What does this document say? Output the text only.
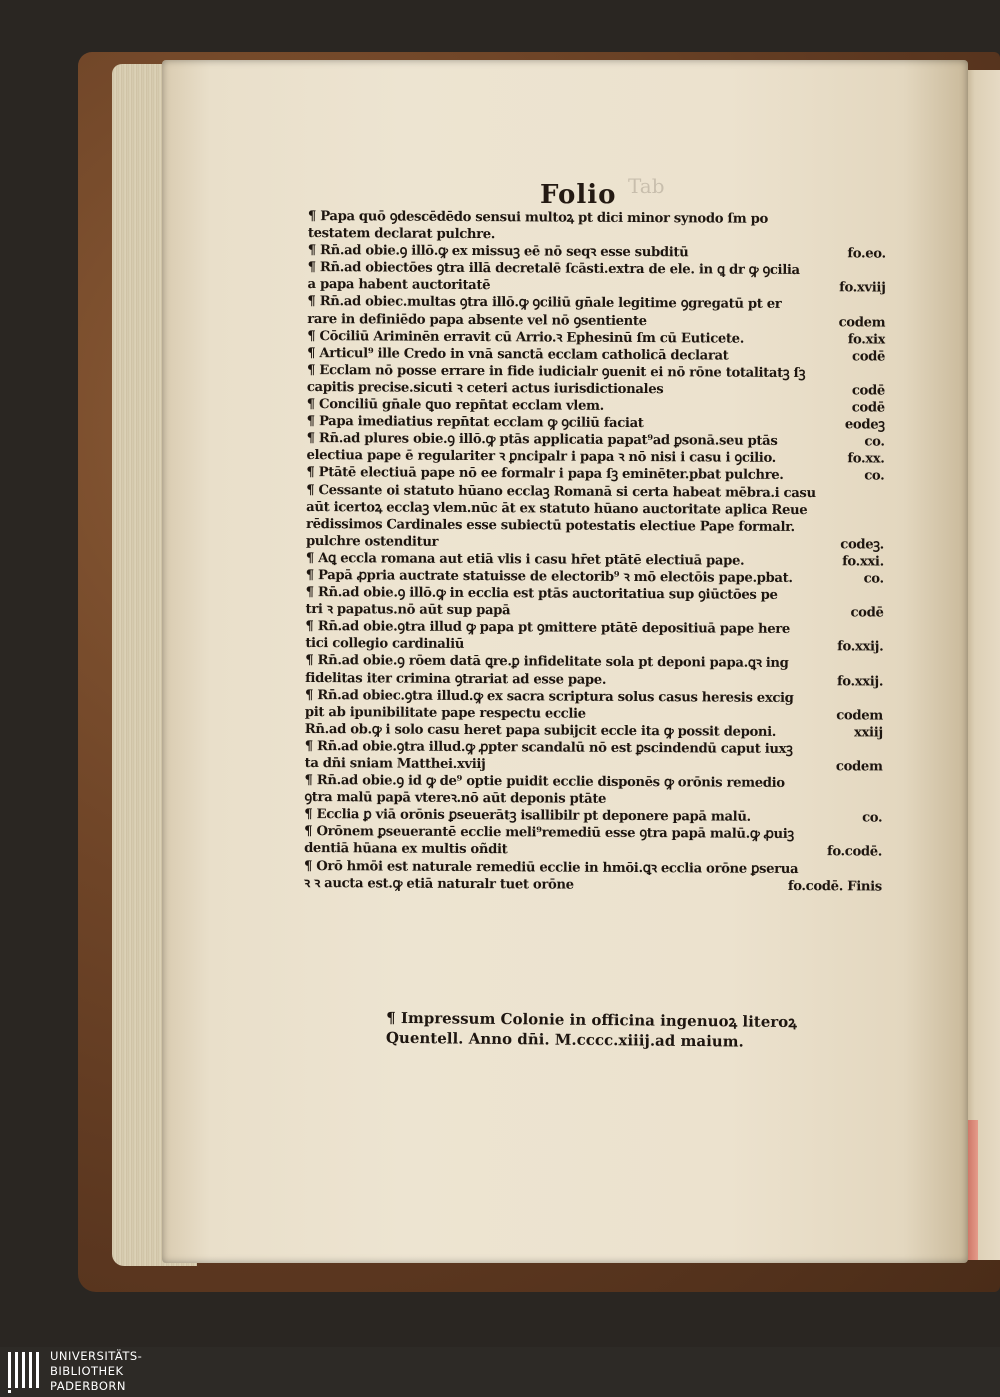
Tab
Folio
¶ Papa quō ꝯdescēdēdo sensui multoꝝ pt dici minor synodo ſm po
testatem declarat pulchre.
¶ Rn̄.ad obie.ꝯ illō.ꝙ ex missuꝫ eē nō seqꝛ esse subditū	fo.eo.
¶ Rn̄.ad obiectōes ꝯtra illā decretalē ſcāsti.extra de ele. in ꝗ dr ꝙ ꝯcilia
a papa habent auctoritatē	fo.xviij
¶ Rn̄.ad obiec.multas ꝯtra illō.ꝙ ꝯciliū gn̄ale legitime ꝯgregatū pt er
rare in definiēdo papa absente vel nō ꝯsentiente	codem
¶ Cōciliū Ariminēn erravit cū Arrio.ꝛ Ephesinū ſm cū Euticete.	fo.xix
¶ Articul⁹ ille Credo in vnā sanctā ecclam catholicā declarat	codē
¶ Ecclam nō posse errare in fide iudicialr ꝯuenit ei nō rōne totalitatꝫ ſꝫ
capitis precise.sicuti ꝛ ceteri actus iurisdictionales	codē
¶ Conciliū gn̄ale ꝗuo repn̄tat ecclam vlem.	codē
¶ Papa imediatius repn̄tat ecclam ꝙ ꝯciliū faciat	eodeꝫ
¶ Rn̄.ad plures obie.ꝯ illō.ꝙ ptās applicatia papat⁹ad ꝑsonā.seu ptās	co.
electiua pape ē regulariter ꝛ ꝑncipalr i papa ꝛ nō nisi i casu i ꝯcilio.	fo.xx.
¶ Ptātē electiuā pape nō ee formalr i papa ſꝫ eminēter.pbat pulchre.	co.
¶ Cessante oi statuto hūano ecclaꝫ Romanā si certa habeat mēbra.i casu
aūt icertoꝝ ecclaꝫ vlem.nūc āt ex statuto hūano auctoritate aplica Reue
rēdissimos Cardinales esse subiectū potestatis electiue Pape formalr.
pulchre ostenditur	codeꝫ.
¶ Aꝗ eccla romana aut etiā vlis i casu hr̄et ptātē electiuā pape.	fo.xxi.
¶ Papā ꝓpria auctrate statuisse de electorib⁹ ꝛ mō electōis pape.pbat.	co.
¶ Rn̄.ad obie.ꝯ illō.ꝙ in ecclia est ptās auctoritatiua sup ꝯiūctōes pe
tri ꝛ papatus.nō aūt sup papā	codē
¶ Rn̄.ad obie.ꝯtra illud ꝙ papa pt ꝯmittere ptātē depositiuā pape here
tici collegio cardinaliū	fo.xxij.
¶ Rn̄.ad obie.ꝯ rōem datā ꝗre.ꝑ infidelitate sola pt deponi papa.ꝗꝛ ing
fidelitas iter crimina ꝯtrariat ad esse pape.	fo.xxij.
¶ Rn̄.ad obiec.ꝯtra illud.ꝙ ex sacra scriptura solus casus heresis excig
pit ab ipunibilitate pape respectu ecclie	codem
Rn̄.ad ob.ꝙ i solo casu heret papa subijcit eccle ita ꝙ possit deponi.	xxiij
¶ Rn̄.ad obie.ꝯtra illud.ꝙ ꝓpter scandalū nō est ꝑscindendū caput iuxꝫ
ta dn̄i sniam Matthei.xviij	codem
¶ Rn̄.ad obie.ꝯ id ꝙ de⁹ optie puidit ecclie disponēs ꝙ orōnis remedio
ꝯtra malū papā vtereꝛ.nō aūt deponis ptāte
¶ Ecclia ꝑ viā orōnis ꝑseuerātꝫ isallibilr pt deponere papā malū.	co.
¶ Orōnem ꝑseuerantē ecclie meli⁹remediū esse ꝯtra papā malū.ꝙ ꝓuiꝫ
dentiā hūana ex multis oñdit	fo.codē.
¶ Orō hmōi est naturale remediū ecclie in hmōi.ꝗꝛ ecclia orōne ꝑserua
ꝛ ꝛ aucta est.ꝙ etiā naturalr tuet orōne	fo.codē. Finis
¶ Impressum Colonie in officina ingenuoꝝ literoꝝ
Quentell. Anno dn̄i. M.cccc.xiiij.ad maium.
UNIVERSITÄTS-
BIBLIOTHEK
PADERBORN
